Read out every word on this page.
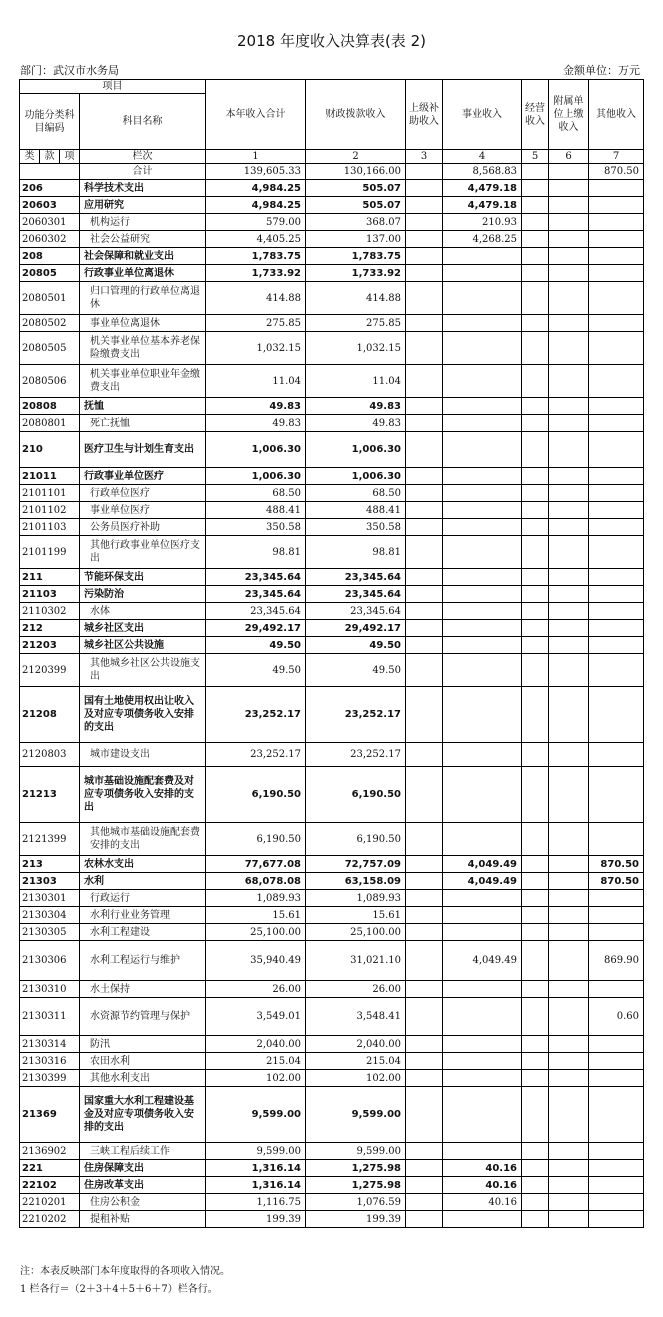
2018 年度收入决算表(表 2)
部门：武汉市水务局	金额单位：万元
项目				本年收入合计	财政拨款收入	上级补助收入	事业收入	经营收入	附属单位上缴收入	其他收入
功能分类科目编码			科目名称							
类	款	项	栏次	1	2	3	4	5	6	7
			合计	139,605.33	130,166.00		8,568.83			870.50
206			科学技术支出	4,984.25	505.07		4,479.18			
20603			应用研究	4,984.25	505.07		4,479.18			
2060301			机构运行	579.00	368.07		210.93			
2060302			社会公益研究	4,405.25	137.00		4,268.25			
208			社会保障和就业支出	1,783.75	1,783.75					
20805			行政事业单位离退休	1,733.92	1,733.92					
2080501			归口管理的行政单位离退休	414.88	414.88					
2080502			事业单位离退休	275.85	275.85					
2080505			机关事业单位基本养老保险缴费支出	1,032.15	1,032.15					
2080506			机关事业单位职业年金缴费支出	11.04	11.04					
20808			抚恤	49.83	49.83					
2080801			死亡抚恤	49.83	49.83					
210			医疗卫生与计划生育支出	1,006.30	1,006.30					
21011			行政事业单位医疗	1,006.30	1,006.30					
2101101			行政单位医疗	68.50	68.50					
2101102			事业单位医疗	488.41	488.41					
2101103			公务员医疗补助	350.58	350.58					
2101199			其他行政事业单位医疗支出	98.81	98.81					
211			节能环保支出	23,345.64	23,345.64					
21103			污染防治	23,345.64	23,345.64					
2110302			水体	23,345.64	23,345.64					
212			城乡社区支出	29,492.17	29,492.17					
21203			城乡社区公共设施	49.50	49.50					
2120399			其他城乡社区公共设施支出	49.50	49.50					
21208			国有土地使用权出让收入及对应专项债务收入安排的支出	23,252.17	23,252.17					
2120803			城市建设支出	23,252.17	23,252.17					
21213			城市基础设施配套费及对应专项债务收入安排的支出	6,190.50	6,190.50					
2121399			其他城市基础设施配套费安排的支出	6,190.50	6,190.50					
213			农林水支出	77,677.08	72,757.09		4,049.49			870.50
21303			水利	68,078.08	63,158.09		4,049.49			870.50
2130301			行政运行	1,089.93	1,089.93					
2130304			水利行业业务管理	15.61	15.61					
2130305			水利工程建设	25,100.00	25,100.00					
2130306			水利工程运行与维护	35,940.49	31,021.10		4,049.49			869.90
2130310			水土保持	26.00	26.00					
2130311			水资源节约管理与保护	3,549.01	3,548.41					0.60
2130314			防汛	2,040.00	2,040.00					
2130316			农田水利	215.04	215.04					
2130399			其他水利支出	102.00	102.00					
21369			国家重大水利工程建设基金及对应专项债务收入安排的支出	9,599.00	9,599.00					
2136902			三峡工程后续工作	9,599.00	9,599.00					
221			住房保障支出	1,316.14	1,275.98		40.16			
22102			住房改革支出	1,316.14	1,275.98		40.16			
2210201			住房公积金	1,116.75	1,076.59		40.16			
2210202			提租补贴	199.39	199.39					
注：本表反映部门本年度取得的各项收入情况。
1 栏各行＝（2＋3＋4＋5＋6＋7）栏各行。
